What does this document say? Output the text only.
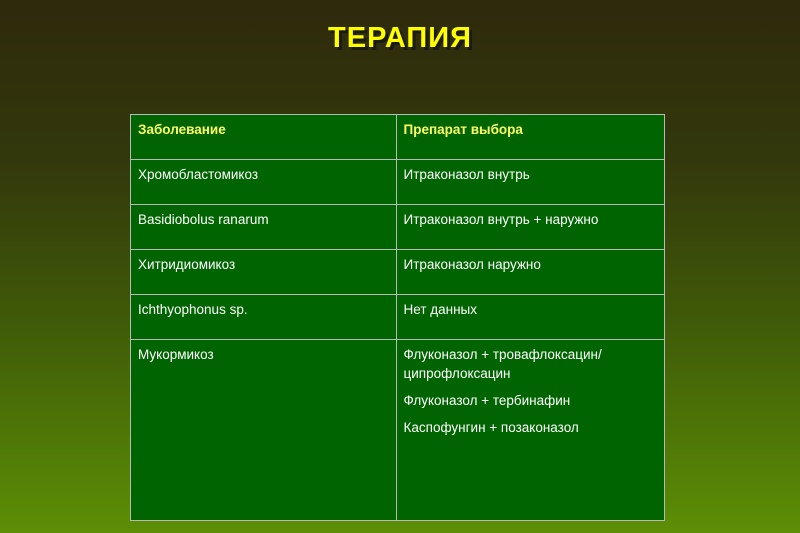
ТЕРАПИЯ
Заболевание	Препарат выбора
Хромобластомикоз	Итраконазол внутрь

Basidiobolus ranarum	Итраконазол внутрь + наружно

Хитридиомикоз	Итраконазол наружно

Ichthyophonus sp.	Нет данных

Мукормикоз	Флуконазол + тровафлоксацин/ципрофлоксацин
Флуконазол + тербинафин
Каспофунгин + позаконазол
